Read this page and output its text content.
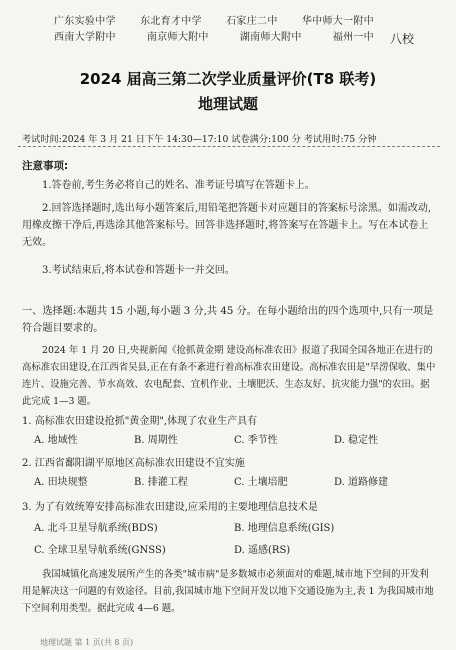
广东实验中学 东北育才中学 石家庄二中 华中师大一附中
西南大学附中	南京师大附中	湖南师大附中	福州一中 八校
2024 届高三第二次学业质量评价(T8 联考)
地理试题
考试时间:2024 年 3 月 21 日下午 14:30—17:10 试卷满分:100 分 考试用时:75 分钟
注意事项:
1.答卷前,考生务必将自己的姓名、准考证号填写在答题卡上。
2.回答选择题时,选出每小题答案后,用铅笔把答题卡对应题目的答案标号涂黑。如需改动,用橡皮擦干净后,再选涂其他答案标号。回答非选择题时,将答案写在答题卡上。写在本试卷上无效。
3.考试结束后,将本试卷和答题卡一并交回。
一、选择题:本题共 15 小题,每小题 3 分,共 45 分。在每小题给出的四个选项中,只有一项是符合题目要求的。
2024 年 1 月 20 日,央视新闻《抢抓黄金期 建设高标准农田》报道了我国全国各地正在进行的高标准农田建设,在江西省吴县,正在有条不紊进行着高标准农田建设。高标准农田是"旱涝保收、集中连片、设施完善、节水高效、农电配套、宜机作业、土壤肥沃、生态友好、抗灾能力强"的农田。据此完成 1—3 题。
1. 高标准农田建设抢抓"黄金期",体现了农业生产具有
A. 地域性	B. 周期性	C. 季节性	D. 稳定性
2. 江西省鄱阳湖平原地区高标准农田建设不宜实施
A. 田块规整	B. 排灌工程	C. 土壤培肥	D. 道路修建
3. 为了有效统筹安排高标准农田建设,应采用的主要地理信息技术是
A. 北斗卫星导航系统(BDS)	B. 地理信息系统(GIS)
C. 全球卫星导航系统(GNSS)	D. 遥感(RS)
我国城镇化高速发展所产生的各类"城市病"是多数城市必须面对的难题,城市地下空间的开发利用是解决这一问题的有效途径。目前,我国城市地下空间开发以地下交通设施为主,表 1 为我国城市地下空间利用类型。据此完成 4—6 题。
地理试题 第 1 页(共 8 页)
